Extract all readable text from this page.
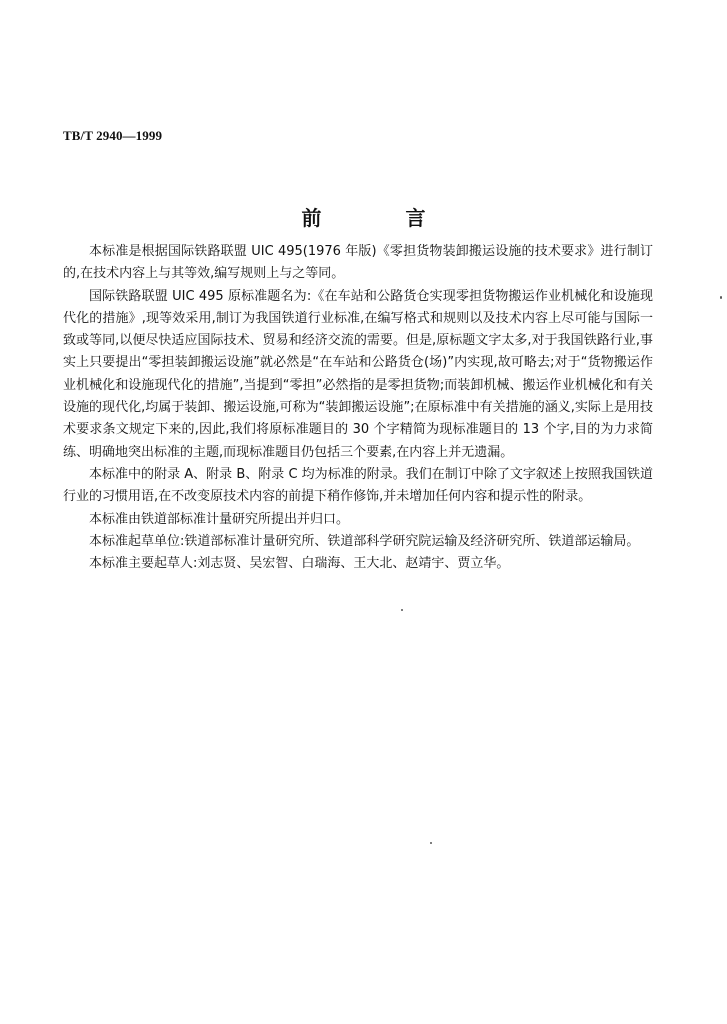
TB/T 2940—1999
前　言

本标准是根据国际铁路联盟 UIC 495(1976 年版)《零担货物装卸搬运设施的技术要求》进行制订的,在技术内容上与其等效,编写规则上与之等同。

国际铁路联盟 UIC 495 原标准题名为:《在车站和公路货仓实现零担货物搬运作业机械化和设施现代化的措施》,现等效采用,制订为我国铁道行业标准,在编写格式和规则以及技术内容上尽可能与国际一致或等同,以便尽快适应国际技术、贸易和经济交流的需要。但是,原标题文字太多,对于我国铁路行业,事实上只要提出“零担装卸搬运设施”就必然是“在车站和公路货仓(场)”内实现,故可略去;对于“货物搬运作业机械化和设施现代化的措施”,当提到“零担”必然指的是零担货物;而装卸机械、搬运作业机械化和有关设施的现代化,均属于装卸、搬运设施,可称为“装卸搬运设施”;在原标准中有关措施的涵义,实际上是用技术要求条文规定下来的,因此,我们将原标准题目的 30 个字精简为现标准题目的 13 个字,目的为力求简练、明确地突出标准的主题,而现标准题目仍包括三个要素,在内容上并无遗漏。

本标准中的附录 A、附录 B、附录 C 均为标准的附录。我们在制订中除了文字叙述上按照我国铁道行业的习惯用语,在不改变原技术内容的前提下稍作修饰,并未增加任何内容和提示性的附录。

本标准由铁道部标准计量研究所提出并归口。

本标准起草单位:铁道部标准计量研究所、铁道部科学研究院运输及经济研究所、铁道部运输局。

本标准主要起草人:刘志贤、吴宏智、白瑞海、王大北、赵靖宇、贾立华。
